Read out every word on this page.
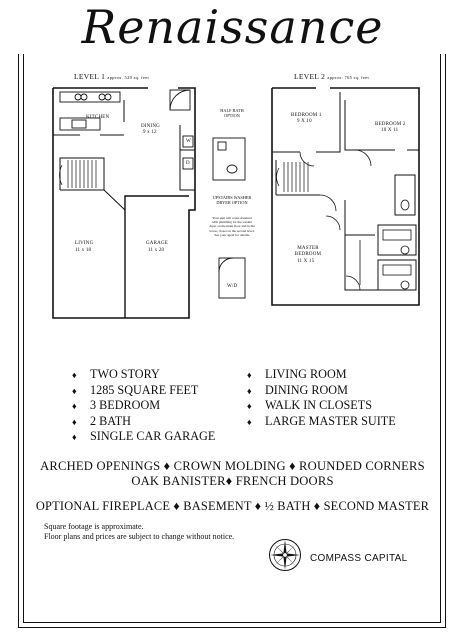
Renaissance
LEVEL 1 approx. 520 sq. feet
KITCHEN
DINING
9 x 12
LIVING
11 x 18
GARAGE
11 x 20
W
D
HALF BATH OPTION
UPSTAIRS WASHER DRYER OPTION
Your unit will come standard with plumbing for the washer dryer on the main floor and in the lower, closet on the second level. See your agent for details.
W/D
LEVEL 2 approx. 765 sq. feet
BEDROOM 1
9 X 10
BEDROOM 2
10 X 11
MASTER BEDROOM
11 X 15
♦ TWO STORY
♦ 1285 SQUARE FEET
♦ 3 BEDROOM
♦ 2 BATH
♦ SINGLE CAR GARAGE
♦ LIVING ROOM
♦ DINING ROOM
♦ WALK IN CLOSETS
♦ LARGE MASTER SUITE
ARCHED OPENINGS ♦ CROWN MOLDING ♦ ROUNDED CORNERS
OAK BANISTER♦ FRENCH DOORS
OPTIONAL FIREPLACE ♦ BASEMENT ♦ ½ BATH ♦ SECOND MASTER
Square footage is approximate.
Floor plans and prices are subject to change without notice.
COMPASS CAPITAL
